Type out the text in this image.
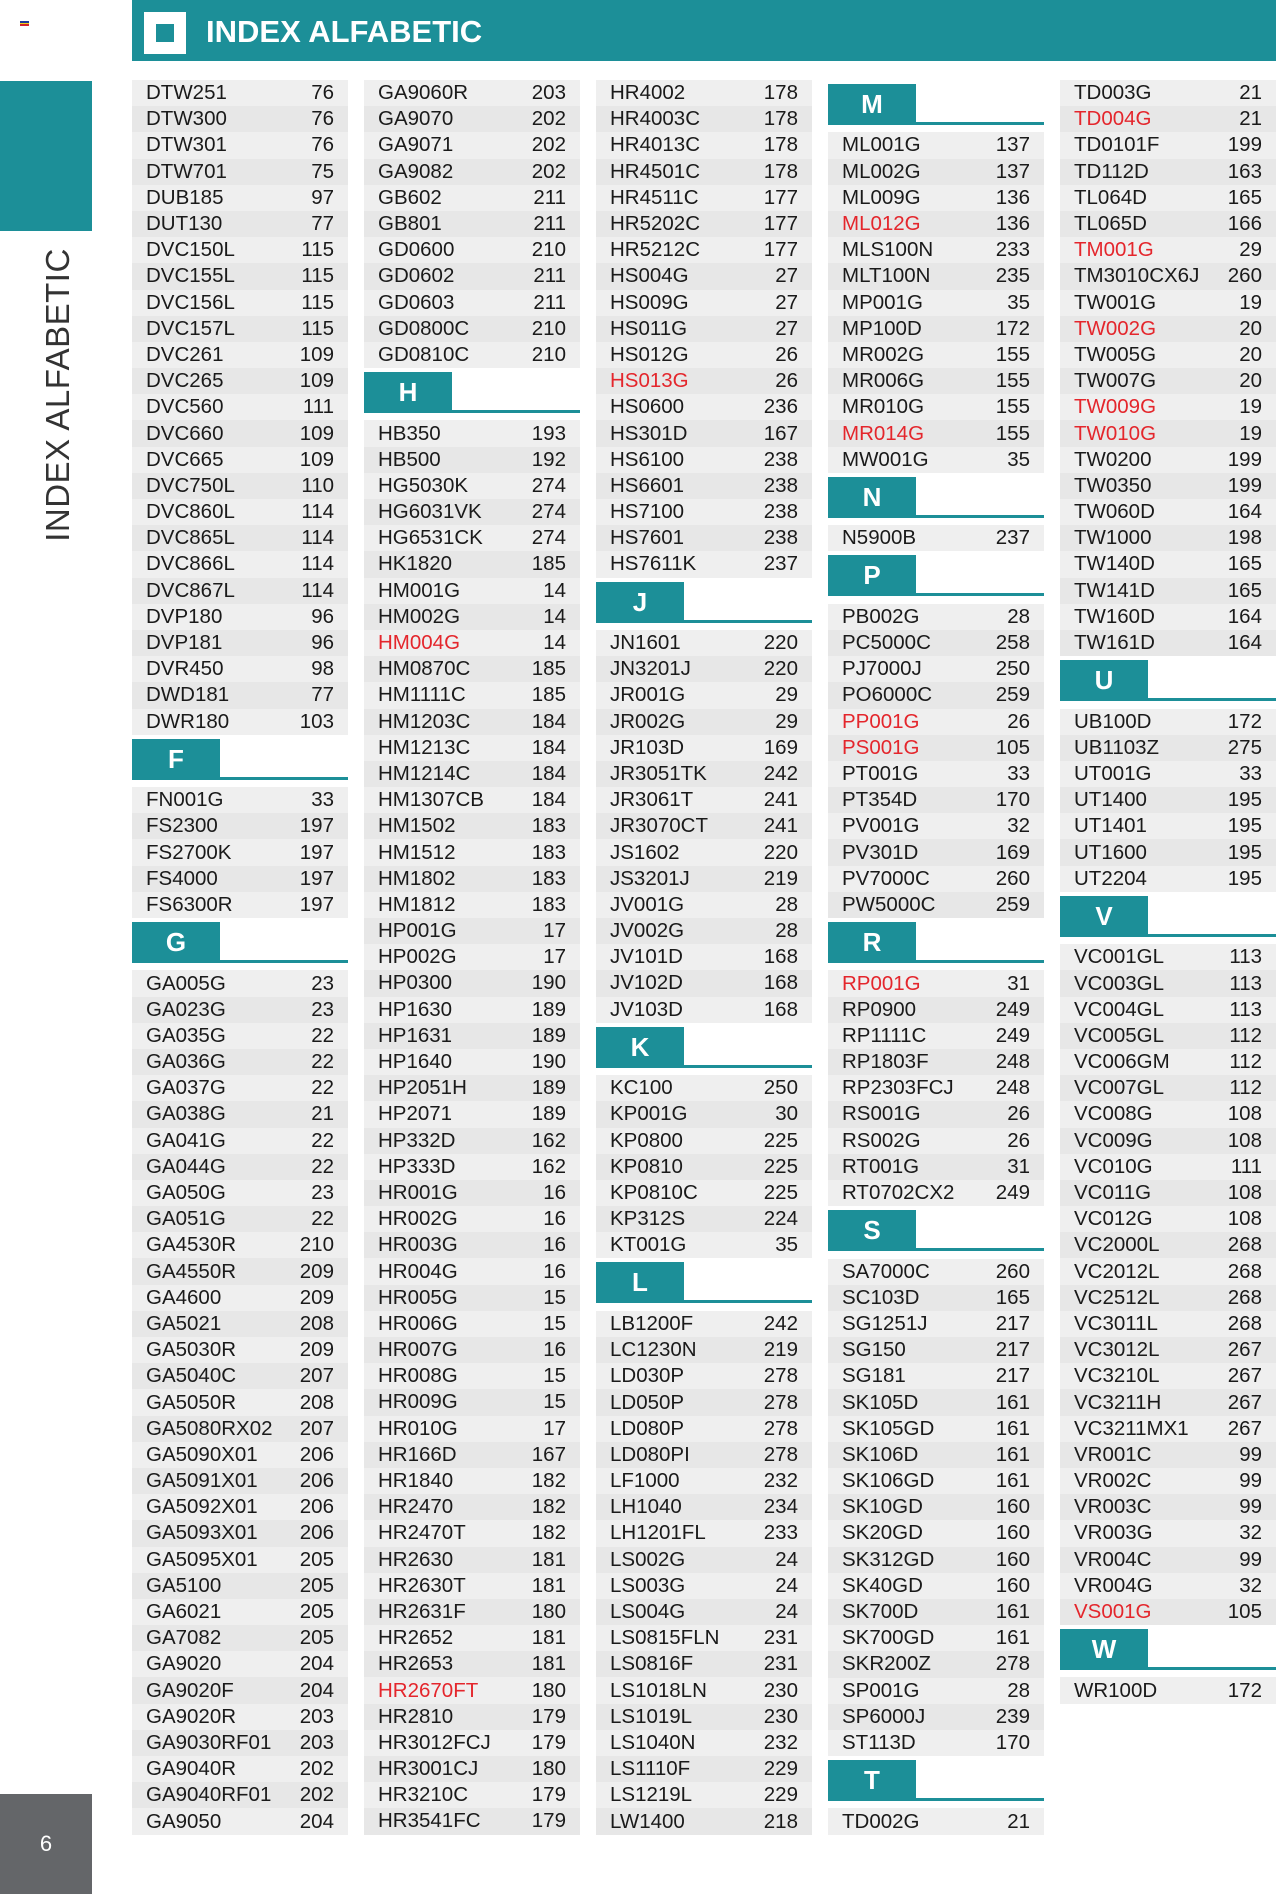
INDEX ALFABETIC
6
INDEX ALFABETIC
DTW251	76
DTW300	76
DTW301	76
DTW701	75
DUB185	97
DUT130	77
DVC150L	115
DVC155L	115
DVC156L	115
DVC157L	115
DVC261	109
DVC265	109
DVC560	111
DVC660	109
DVC665	109
DVC750L	110
DVC860L	114
DVC865L	114
DVC866L	114
DVC867L	114
DVP180	96
DVP181	96
DVR450	98
DWD181	77
DWR180	103
F
FN001G	33
FS2300	197
FS2700K	197
FS4000	197
FS6300R	197
G
GA005G	23
GA023G	23
GA035G	22
GA036G	22
GA037G	22
GA038G	21
GA041G	22
GA044G	22
GA050G	23
GA051G	22
GA4530R	210
GA4550R	209
GA4600	209
GA5021	208
GA5030R	209
GA5040C	207
GA5050R	208
GA5080RX02 207
GA5090X01 206
GA5091X01 206
GA5092X01 206
GA5093X01 206
GA5095X01 205
GA5100	205
GA6021	205
GA7082	205
GA9020	204
GA9020F	204
GA9020R	203
GA9030RF01 203
GA9040R	202
GA9040RF01 202
GA9050	204
GA9060R	203
GA9070	202
GA9071	202
GA9082	202
GB602	211
GB801	211
GD0600	210
GD0602	211
GD0603	211
GD0800C	210
GD0810C	210
H
HB350	193
HB500	192
HG5030K	274
HG6031VK 274
HG6531CK 274
HK1820	185
HM001G	14
HM002G	14
HM004G	14
HM0870C	185
HM1111C	185
HM1203C	184
HM1213C	184
HM1214C	184
HM1307CB 184
HM1502	183
HM1512	183
HM1802	183
HM1812	183
HP001G	17
HP002G	17
HP0300	190
HP1630	189
HP1631	189
HP1640	190
HP2051H	189
HP2071	189
HP332D	162
HP333D	162
HR001G	16
HR002G	16
HR003G	16
HR004G	16
HR005G	15
HR006G	15
HR007G	16
HR008G	15
HR009G	15
HR010G	17
HR166D	167
HR1840	182
HR2470	182
HR2470T	182
HR2630	181
HR2630T	181
HR2631F	180
HR2652	181
HR2653	181
HR2670FT	180
HR2810	179
HR3012FCJ 179
HR3001CJ	180
HR3210C	179
HR3541FC 179
HR4002	178
HR4003C	178
HR4013C	178
HR4501C	178
HR4511C	177
HR5202C	177
HR5212C	177
HS004G	27
HS009G	27
HS011G	27
HS012G	26
HS013G	26
HS0600	236
HS301D	167
HS6100	238
HS6601	238
HS7100	238
HS7601	238
HS7611K	237
J
JN1601	220
JN3201J	220
JR001G	29
JR002G	29
JR103D	169
JR3051TK	242
JR3061T	241
JR3070CT	241
JS1602	220
JS3201J	219
JV001G	28
JV002G	28
JV101D	168
JV102D	168
JV103D	168
K
KC100	250
KP001G	30
KP0800	225
KP0810	225
KP0810C	225
KP312S	224
KT001G	35
L
LB1200F	242
LC1230N	219
LD030P	278
LD050P	278
LD080P	278
LD080PI	278
LF1000	232
LH1040	234
LH1201FL	233
LS002G	24
LS003G	24
LS004G	24
LS0815FLN 231
LS0816F	231
LS1018LN	230
LS1019L	230
LS1040N	232
LS1110F	229
LS1219L	229
LW1400	218
M
ML001G	137
ML002G	137
ML009G	136
ML012G	136
MLS100N	233
MLT100N	235
MP001G	35
MP100D	172
MR002G	155
MR006G	155
MR010G	155
MR014G	155
MW001G	35
N
N5900B	237
P
PB002G	28
PC5000C	258
PJ7000J	250
PO6000C	259
PP001G	26
PS001G	105
PT001G	33
PT354D	170
PV001G	32
PV301D	169
PV7000C	260
PW5000C	259
R
RP001G	31
RP0900	249
RP1111C	249
RP1803F	248
RP2303FCJ 248
RS001G	26
RS002G	26
RT001G	31
RT0702CX2 249
S
SA7000C	260
SC103D	165
SG1251J	217
SG150	217
SG181	217
SK105D	161
SK105GD	161
SK106D	161
SK106GD	161
SK10GD	160
SK20GD	160
SK312GD	160
SK40GD	160
SK700D	161
SK700GD	161
SKR200Z	278
SP001G	28
SP6000J	239
ST113D	170
T
TD002G	21
TD003G	21
TD004G	21
TD0101F	199
TD112D	163
TL064D	165
TL065D	166
TM001G	29
TM3010CX6J 260
TW001G	19
TW002G	20
TW005G	20
TW007G	20
TW009G	19
TW010G	19
TW0200	199
TW0350	199
TW060D	164
TW1000	198
TW140D	165
TW141D	165
TW160D	164
TW161D	164
U
UB100D	172
UB1103Z	275
UT001G	33
UT1400	195
UT1401	195
UT1600	195
UT2204	195
V
VC001GL	113
VC003GL	113
VC004GL	113
VC005GL	112
VC006GM	112
VC007GL	112
VC008G	108
VC009G	108
VC010G	111
VC011G	108
VC012G	108
VC2000L	268
VC2012L	268
VC2512L	268
VC3011L	268
VC3012L	267
VC3210L	267
VC3211H	267
VC3211MX1 267
VR001C	99
VR002C	99
VR003C	99
VR003G	32
VR004C	99
VR004G	32
VS001G	105
W
WR100D	172
